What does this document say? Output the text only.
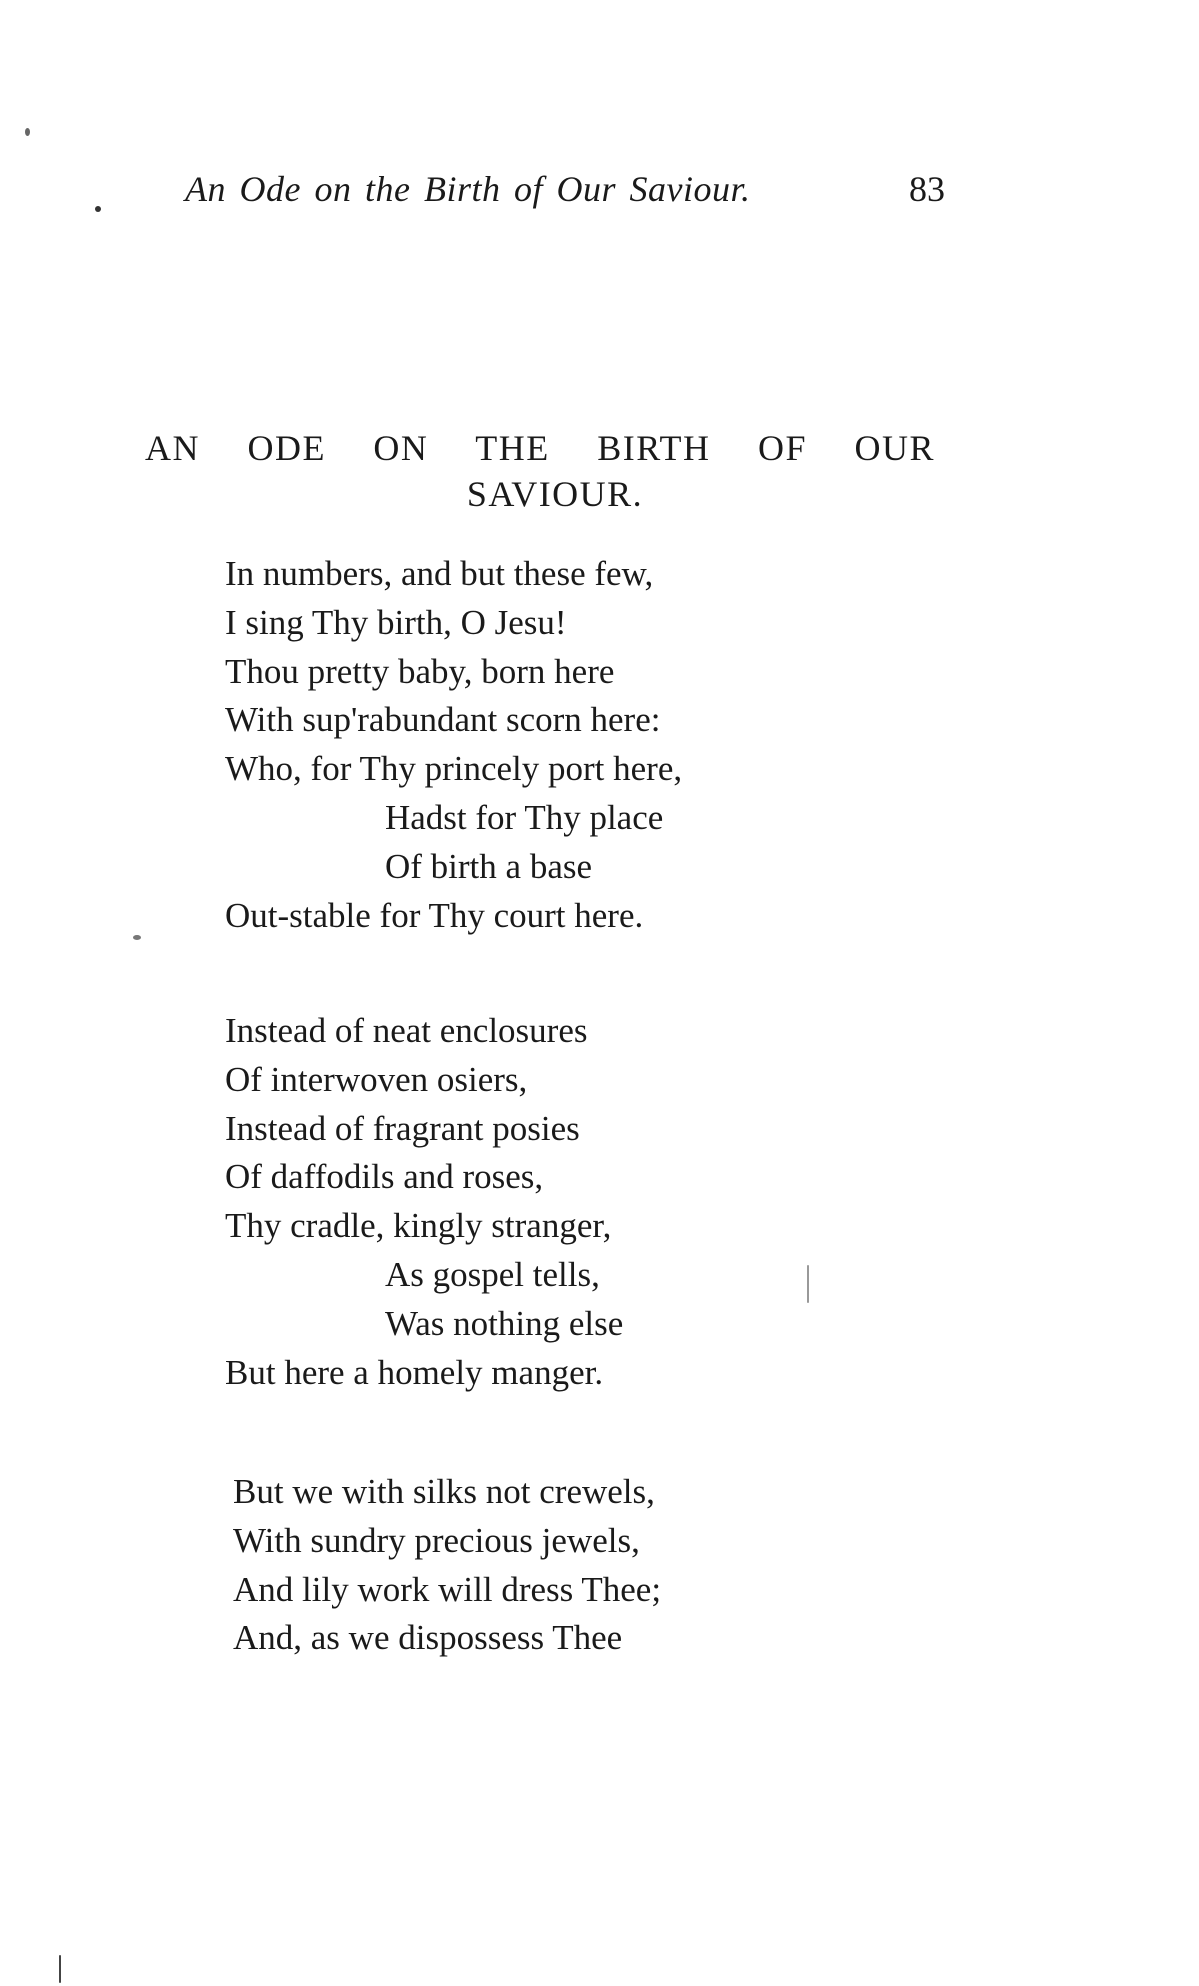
An Ode on the Birth of Our Saviour.	83
AN ODE ON THE BIRTH OF OUR
SAVIOUR.
In numbers, and but these few,
I sing Thy birth, O Jesu!
Thou pretty baby, born here
With sup'rabundant scorn here:
Who, for Thy princely port here,
Hadst for Thy place
Of birth a base
Out-stable for Thy court here.
Instead of neat enclosures
Of interwoven osiers,
Instead of fragrant posies
Of daffodils and roses,
Thy cradle, kingly stranger,
As gospel tells,
Was nothing else
But here a homely manger.
But we with silks not crewels,
With sundry precious jewels,
And lily work will dress Thee;
And, as we dispossess Thee
